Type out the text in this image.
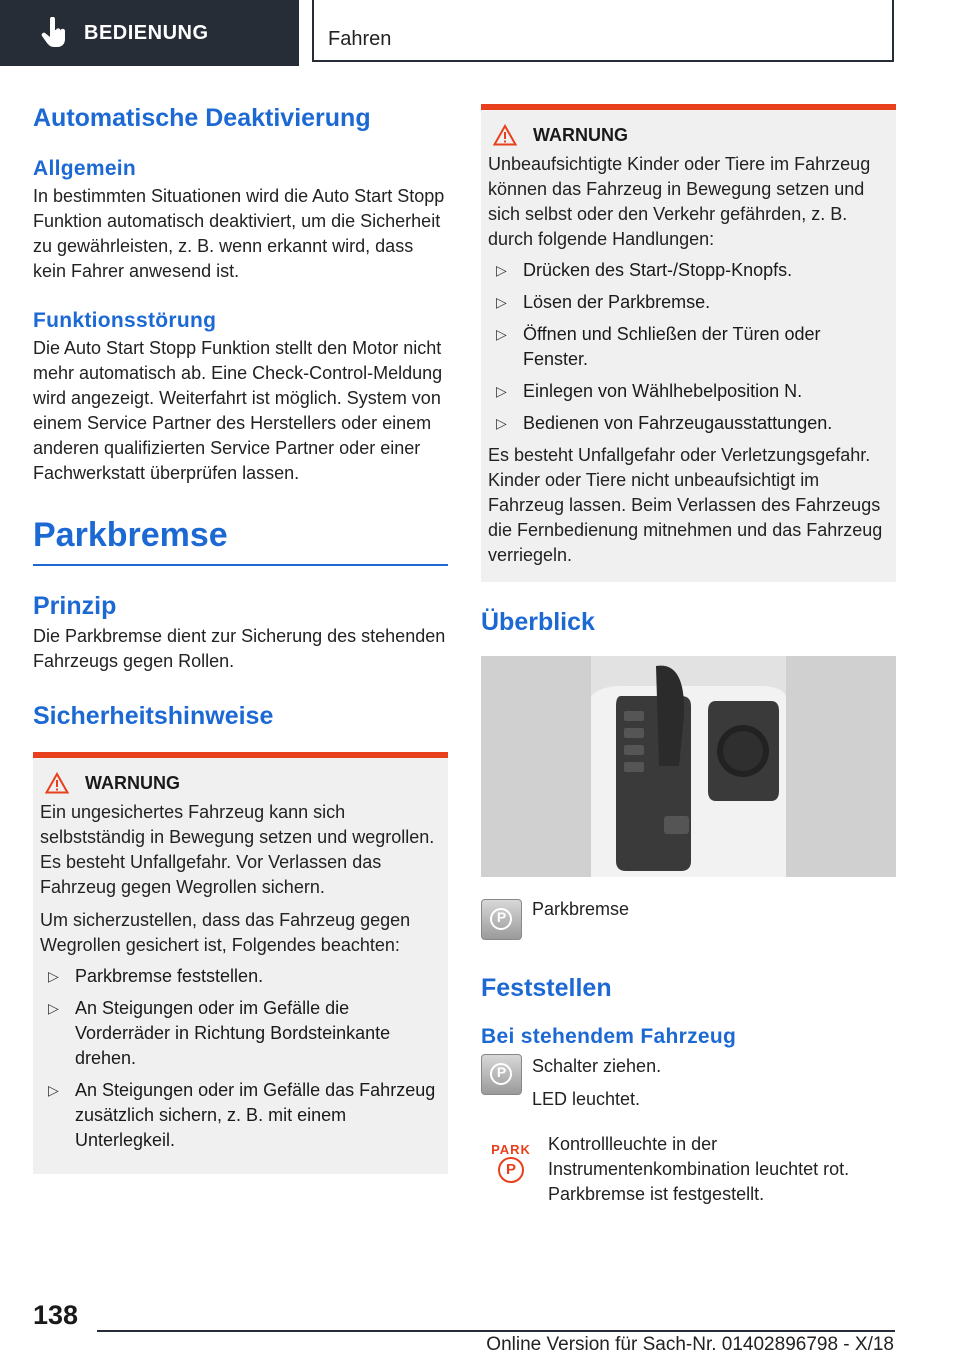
BEDIENUNG	Fahren
Automatische Deaktivierung
Allgemein

In bestimmten Situationen wird die Auto Start Stopp Funktion automatisch deaktiviert, um die Sicherheit zu gewährleisten, z. B. wenn erkannt wird, dass kein Fahrer anwesend ist.

Funktionsstörung

Die Auto Start Stopp Funktion stellt den Motor nicht mehr automatisch ab. Eine Check-Control-Meldung wird angezeigt. Weiterfahrt ist möglich. System von einem Service Partner des Herstellers oder einem anderen qualifizierten Service Partner oder einer Fachwerkstatt überprüfen lassen.

Parkbremse
Prinzip

Die Parkbremse dient zur Sicherung des stehenden Fahrzeugs gegen Rollen.

Sicherheitshinweise
WARNUNG

Ein ungesichertes Fahrzeug kann sich selbstständig in Bewegung setzen und wegrollen. Es besteht Unfallgefahr. Vor Verlassen das Fahrzeug gegen Wegrollen sichern.

Um sicherzustellen, dass das Fahrzeug gegen Wegrollen gesichert ist, Folgendes beachten:

▷ Parkbremse feststellen.
▷ An Steigungen oder im Gefälle die Vorderräder in Richtung Bordsteinkante drehen.
▷ An Steigungen oder im Gefälle das Fahrzeug zusätzlich sichern, z. B. mit einem Unterlegkeil.
WARNUNG

Unbeaufsichtigte Kinder oder Tiere im Fahrzeug können das Fahrzeug in Bewegung setzen und sich selbst oder den Verkehr gefährden, z. B. durch folgende Handlungen:

▷ Drücken des Start-/Stopp-Knopfs.
▷ Lösen der Parkbremse.
▷ Öffnen und Schließen der Türen oder Fenster.
▷ Einlegen von Wählhebelposition N.
▷ Bedienen von Fahrzeugausstattungen.

Es besteht Unfallgefahr oder Verletzungsgefahr. Kinder oder Tiere nicht unbeaufsichtigt im Fahrzeug lassen. Beim Verlassen des Fahrzeugs die Fernbedienung mitnehmen und das Fahrzeug verriegeln.

Überblick
P	Parkbremse
Feststellen
Bei stehendem Fahrzeug
P	Schalter ziehen.

LED leuchtet.

PARK
P

Kontrollleuchte in der Instrumentenkombination leuchtet rot. Parkbremse ist festgestellt.

138
Online Version für Sach-Nr. 01402896798 - X/18
